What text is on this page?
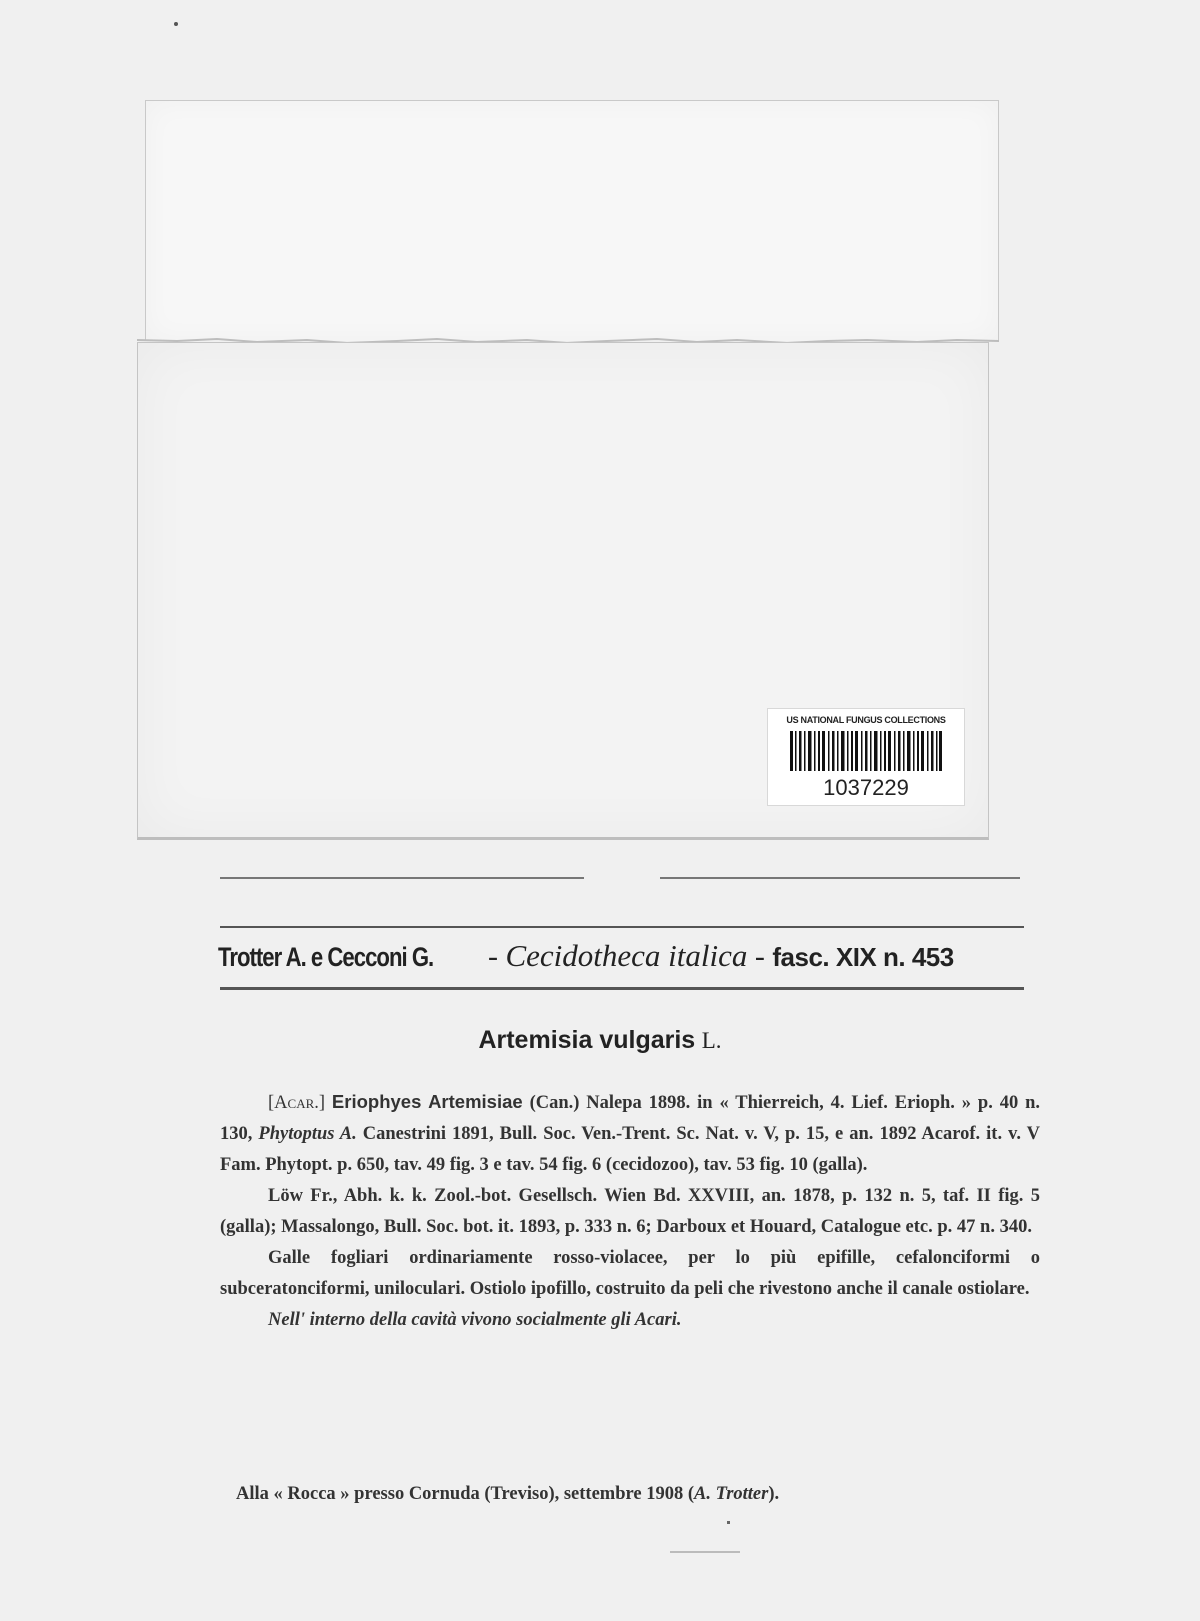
US NATIONAL FUNGUS COLLECTIONS
1037229
Trotter A. e Cecconi G. - Cecidotheca italica - fasc. XIX n. 453
Artemisia vulgaris L.

[Acar.] Eriophyes Artemisiae (Can.) Nalepa 1898. in « Thierreich, 4. Lief. Erioph. » p. 40 n. 130, Phytoptus A. Canestrini 1891, Bull. Soc. Ven.-Trent. Sc. Nat. v. V, p. 15, e an. 1892 Acarof. it. v. V Fam. Phytopt. p. 650, tav. 49 fig. 3 e tav. 54 fig. 6 (cecidozoo), tav. 53 fig. 10 (galla).

Löw Fr., Abh. k. k. Zool.-bot. Gesellsch. Wien Bd. XXVIII, an. 1878, p. 132 n. 5, taf. II fig. 5 (galla); Massalongo, Bull. Soc. bot. it. 1893, p. 333 n. 6; Darboux et Houard, Catalogue etc. p. 47 n. 340.

Galle fogliari ordinariamente rosso-violacee, per lo più epifille, cefalonciformi o subceratonciformi, uniloculari. Ostiolo ipofillo, costruito da peli che rivestono anche il canale ostiolare.

Nell' interno della cavità vivono socialmente gli Acari.

Alla « Rocca » presso Cornuda (Treviso), settembre 1908 (A. Trotter).
